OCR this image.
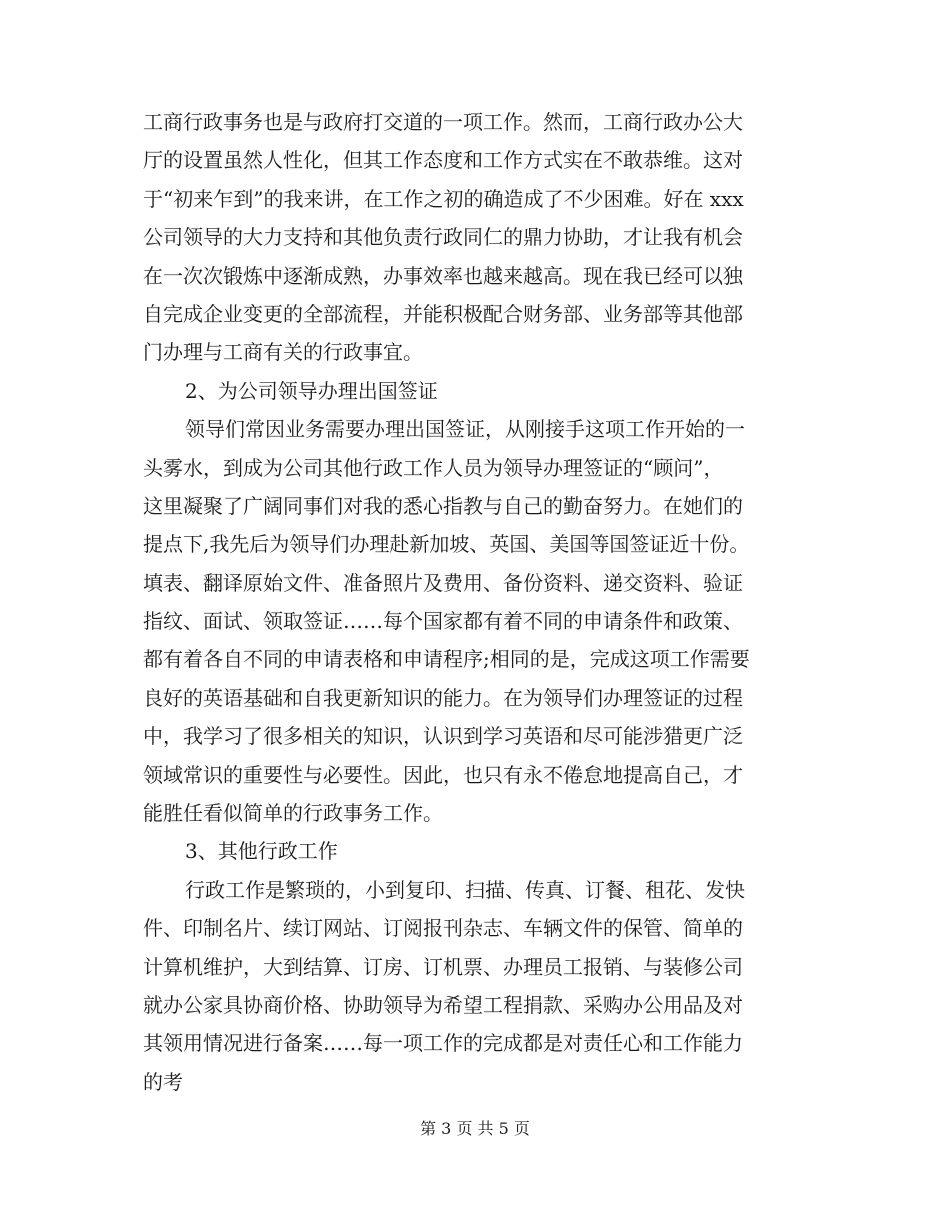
工商行政事务也是与政府打交道的一项工作。然而，工商行政办公大
厅的设置虽然人性化，但其工作态度和工作方式实在不敢恭维。这对
于“初来乍到”的我来讲，在工作之初的确造成了不少困难。好在 xxx
公司领导的大力支持和其他负责行政同仁的鼎力协助，才让我有机会
在一次次锻炼中逐渐成熟，办事效率也越来越高。现在我已经可以独
自完成企业变更的全部流程，并能积极配合财务部、业务部等其他部
门办理与工商有关的行政事宜。
2、为公司领导办理出国签证
领导们常因业务需要办理出国签证，从刚接手这项工作开始的一
头雾水，到成为公司其他行政工作人员为领导办理签证的“顾问”，
这里凝聚了广阔同事们对我的悉心指教与自己的勤奋努力。在她们的
提点下,我先后为领导们办理赴新加坡、英国、美国等国签证近十份。
填表、翻译原始文件、准备照片及费用、备份资料、递交资料、验证
指纹、面试、领取签证……每个国家都有着不同的申请条件和政策、
都有着各自不同的申请表格和申请程序;相同的是，完成这项工作需要
良好的英语基础和自我更新知识的能力。在为领导们办理签证的过程
中，我学习了很多相关的知识，认识到学习英语和尽可能涉猎更广泛
领域常识的重要性与必要性。因此，也只有永不倦怠地提高自己，才
能胜任看似简单的行政事务工作。
3、其他行政工作
行政工作是繁琐的，小到复印、扫描、传真、订餐、租花、发快
件、印制名片、续订网站、订阅报刊杂志、车辆文件的保管、简单的
计算机维护，大到结算、订房、订机票、办理员工报销、与装修公司
就办公家具协商价格、协助领导为希望工程捐款、采购办公用品及对
其领用情况进行备案……每一项工作的完成都是对责任心和工作能力
的考
第 3 页 共 5 页
